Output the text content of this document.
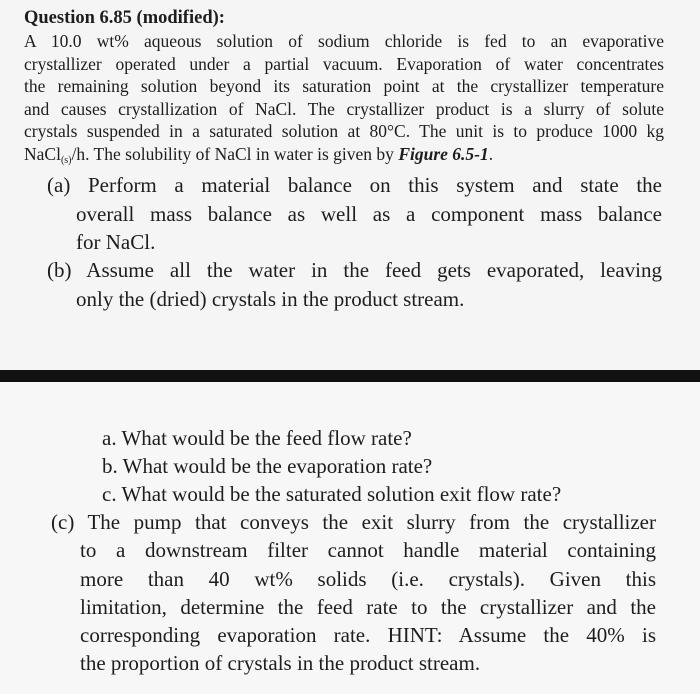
Question 6.85 (modified):
A 10.0 wt% aqueous solution of sodium chloride is fed to an evaporative
crystallizer operated under a partial vacuum. Evaporation of water concentrates
the remaining solution beyond its saturation point at the crystallizer temperature
and causes crystallization of NaCl. The crystallizer product is a slurry of solute
crystals suspended in a saturated solution at 80°C. The unit is to produce 1000 kg
NaCl$_{(s)}$/h. The solubility of NaCl in water is given by Figure 6.5-1.
(a) Perform a material balance on this system and state the
overall mass balance as well as a component mass balance
for NaCl.
(b) Assume all the water in the feed gets evaporated, leaving
only the (dried) crystals in the product stream.
a. What would be the feed flow rate?
b. What would be the evaporation rate?
c. What would be the saturated solution exit flow rate?
(c) The pump that conveys the exit slurry from the crystallizer
to a downstream filter cannot handle material containing
more than 40 wt% solids (i.e. crystals). Given this
limitation, determine the feed rate to the crystallizer and the
corresponding evaporation rate. HINT: Assume the 40% is
the proportion of crystals in the product stream.
